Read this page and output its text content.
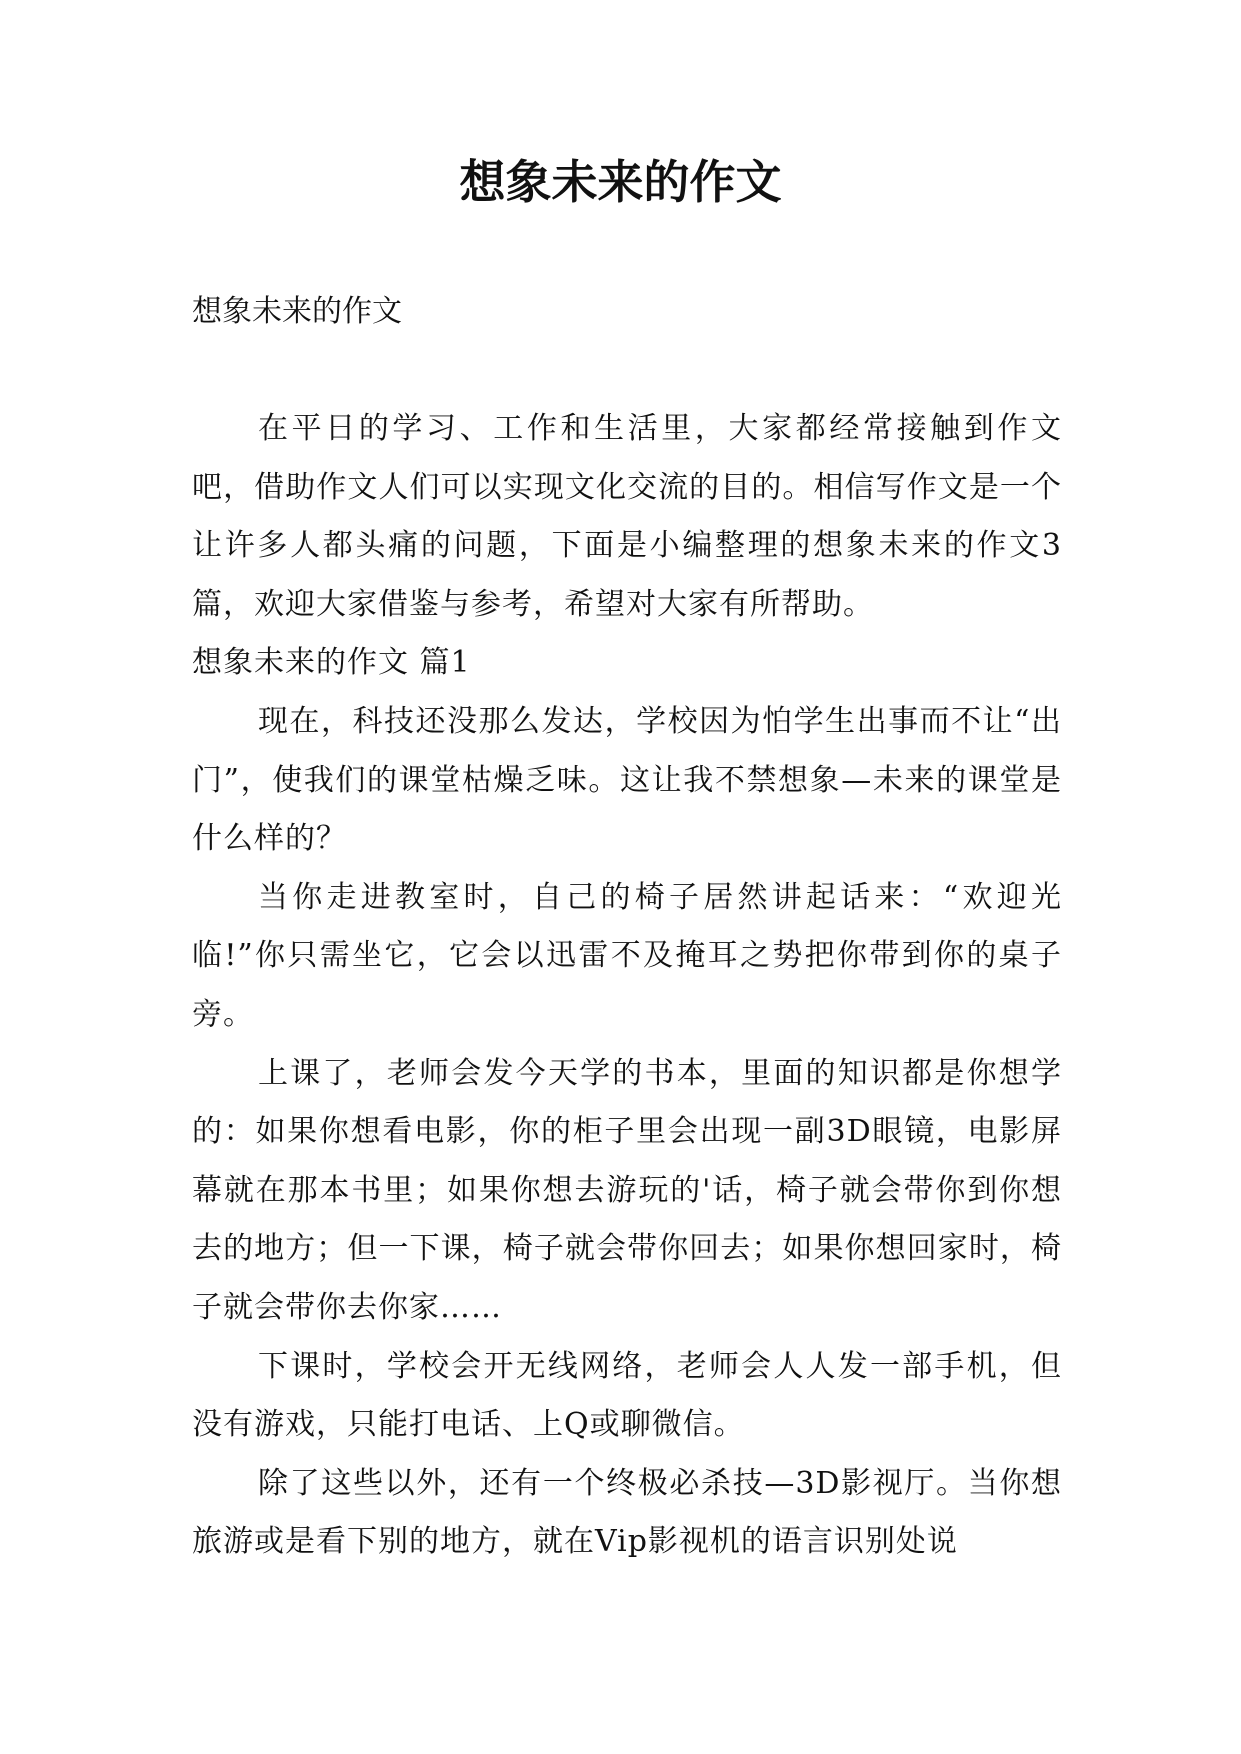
想象未来的作文

想象未来的作文

在平日的学习、工作和生活里，大家都经常接触到作文吧，借助作文人们可以实现文化交流的目的。相信写作文是一个让许多人都头痛的问题，下面是小编整理的想象未来的作文3篇，欢迎大家借鉴与参考，希望对大家有所帮助。

想象未来的作文 篇1

现在，科技还没那么发达，学校因为怕学生出事而不让“出门”，使我们的课堂枯燥乏味。这让我不禁想象—未来的课堂是什么样的？

当你走进教室时，自己的椅子居然讲起话来：“欢迎光临!”你只需坐它，它会以迅雷不及掩耳之势把你带到你的桌子旁。

上课了，老师会发今天学的书本，里面的知识都是你想学的：如果你想看电影，你的柜子里会出现一副3D眼镜，电影屏幕就在那本书里；如果你想去游玩的'话，椅子就会带你到你想去的地方；但一下课，椅子就会带你回去；如果你想回家时，椅子就会带你去你家……

下课时，学校会开无线网络，老师会人人发一部手机，但没有游戏，只能打电话、上Q或聊微信。

除了这些以外，还有一个终极必杀技—3D影视厅。当你想旅游或是看下别的地方，就在Vip影视机的语言识别处说
